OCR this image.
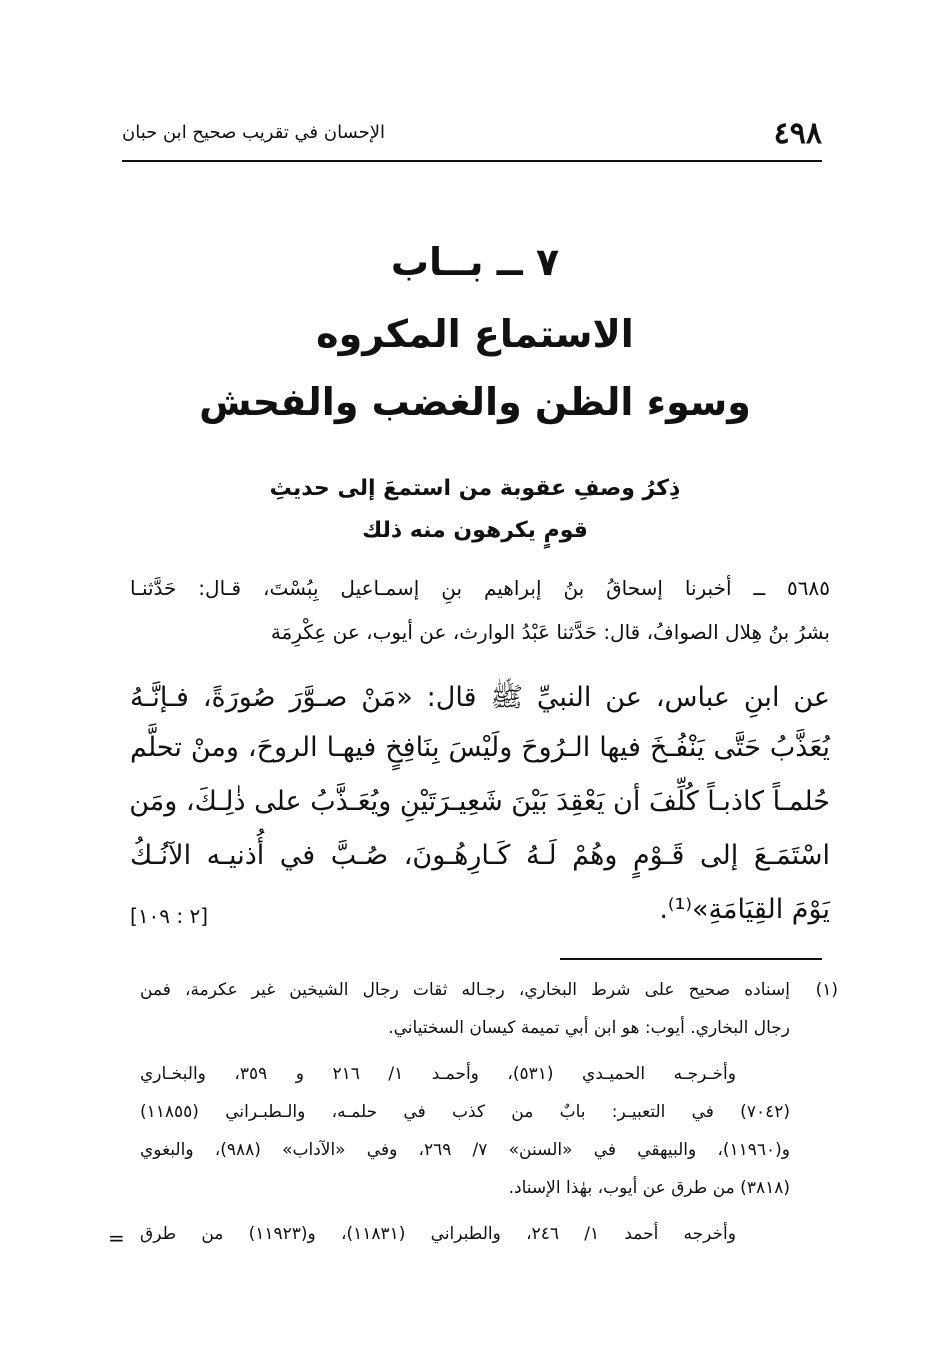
٤٩٨
الإحسان في تقريب صحيح ابن حبان
٧ ــ بــاب
الاستماع المكروه
وسوء الظن والغضب والفحش
ذِكرُ وصفِ عقوبة من استمعَ إلى حديثِ
قومٍ يكرهون منه ذلك
٥٦٨٥ ــ أخبرنا إسحاقُ بنُ إبراهيم بنِ إسمـاعيل بِبُسْتَ، قـال: حَدَّثنـا
بشرُ بنُ هِلال الصوافُ، قال: حَدَّثنا عَبْدُ الوارث، عن أيوب، عن عِكْرِمَة
عن ابنِ عباس، عن النبيِّ ﷺ قال: «مَنْ صـوَّرَ صُورَةً، فـإنَّـهُ
يُعَذَّبُ حَتَّى يَنْفُـخَ فيها الـرُوحَ ولَيْسَ بِنَافِخٍ فيهـا الروحَ، ومنْ تحلَّم
حُلمـاً كاذبـاً كُلِّفَ أن يَعْقِدَ بَيْنَ شَعِيـرَتَيْنِ ويُعَـذَّبُ على ذٰلِـكَ، ومَن
اسْتَمَـعَ إلى قَـوْمٍ وهُمْ لَـهُ كَـارِهُـونَ، صُـبَّ في أُذنيـه الآنُـكُ
يَوْمَ القِيَامَةِ»⁽¹⁾.
[٢ : ١٠٩]
(١)
إسناده صحيح على شرط البخاري، رجـاله ثقات رجال الشيخين غير عكرمة، فمن
رجال البخاري. أيوب: هو ابن أبي تميمة كيسان السختياني.
وأخـرجـه الحميـدي (٥٣١)، وأحمـد ١/ ٢١٦ و ٣٥٩، والبخـاري
(٧٠٤٢) في التعبيـر: بابٌ من كذب في حلمـه، والـطبـراني (١١٨٥٥)
و(١١٩٦٠)، والبيهقي في «السنن» ٧/ ٢٦٩، وفي «الآداب» (٩٨٨)، والبغوي
(٣٨١٨) من طرق عن أيوب، بهٰذا الإسناد.
وأخرجه أحمد ١/ ٢٤٦، والطبراني (١١٨٣١)، و(١١٩٢٣) من طرق
=
